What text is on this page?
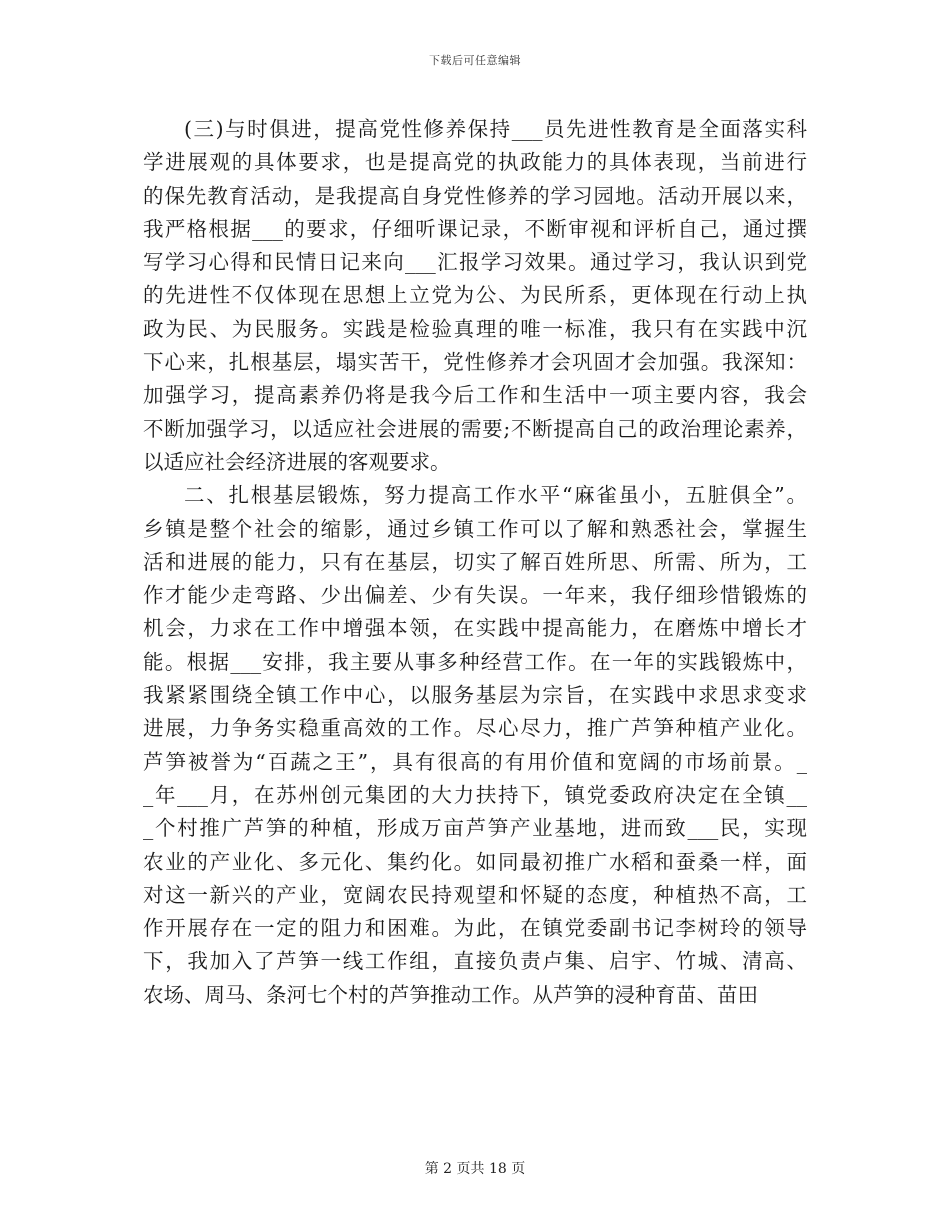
下载后可任意编辑
(三)与时俱进，提高党性修养保持___员先进性教育是全面落实科
学进展观的具体要求，也是提高党的执政能力的具体表现，当前进行
的保先教育活动，是我提高自身党性修养的学习园地。活动开展以来，
我严格根据___的要求，仔细听课记录，不断审视和评析自己，通过撰
写学习心得和民情日记来向___汇报学习效果。通过学习，我认识到党
的先进性不仅体现在思想上立党为公、为民所系，更体现在行动上执
政为民、为民服务。实践是检验真理的唯一标准，我只有在实践中沉
下心来，扎根基层，塌实苦干，党性修养才会巩固才会加强。我深知：
加强学习，提高素养仍将是我今后工作和生活中一项主要内容，我会
不断加强学习，以适应社会进展的需要;不断提高自己的政治理论素养，
以适应社会经济进展的客观要求。
二、扎根基层锻炼，努力提高工作水平“麻雀虽小，五脏俱全”。
乡镇是整个社会的缩影，通过乡镇工作可以了解和熟悉社会，掌握生
活和进展的能力，只有在基层，切实了解百姓所思、所需、所为，工
作才能少走弯路、少出偏差、少有失误。一年来，我仔细珍惜锻炼的
机会，力求在工作中增强本领，在实践中提高能力，在磨炼中增长才
能。根据___安排，我主要从事多种经营工作。在一年的实践锻炼中，
我紧紧围绕全镇工作中心，以服务基层为宗旨，在实践中求思求变求
进展，力争务实稳重高效的工作。尽心尽力，推广芦笋种植产业化。
芦笋被誉为“百蔬之王”，具有很高的有用价值和宽阔的市场前景。_
_年___月，在苏州创元集团的大力扶持下，镇党委政府决定在全镇__
_个村推广芦笋的种植，形成万亩芦笋产业基地，进而致___民，实现
农业的产业化、多元化、集约化。如同最初推广水稻和蚕桑一样，面
对这一新兴的产业，宽阔农民持观望和怀疑的态度，种植热不高，工
作开展存在一定的阻力和困难。为此，在镇党委副书记李树玲的领导
下，我加入了芦笋一线工作组，直接负责卢集、启宇、竹城、清高、
农场、周马、条河七个村的芦笋推动工作。从芦笋的浸种育苗、苗田
第 2 页共 18 页
